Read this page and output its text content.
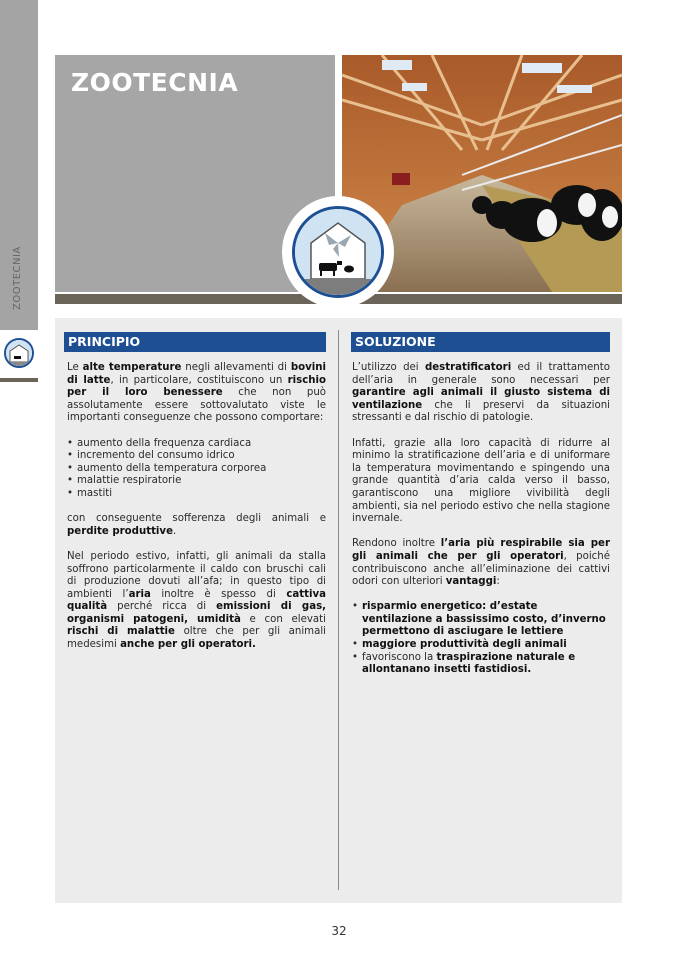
ZOOTECNIA
ZOOTECNIA
PRINCIPIO	SOLUZIONE

Le alte temperature negli allevamenti di bovini di latte, in particolare, costituiscono un rischio per il loro benessere che non può assolutamente essere sottovalutato viste le importanti conseguenze che possono comportare:

• aumento della frequenza cardiaca
• incremento del consumo idrico
• aumento della temperatura corporea
• malattie respiratorie
• mastiti

con conseguente sofferenza degli animali e perdite produttive.

Nel periodo estivo, infatti, gli animali da stalla soffrono particolarmente il caldo con bruschi cali di produzione dovuti all’afa; in questo tipo di ambienti l’aria inoltre è spesso di cattiva qualità perché ricca di emissioni di gas, organismi patogeni, umidità e con elevati rischi di malattie oltre che per gli animali medesimi anche per gli operatori.

L’utilizzo dei destratificatori ed il trattamento dell’aria in generale sono necessari per garantire agli animali il giusto sistema di ventilazione che li preservi da situazioni stressanti e dal rischio di patologie.

Infatti, grazie alla loro capacità di ridurre al minimo la stratificazione dell’aria e di uniformare la temperatura movimentando e spingendo una grande quantità d’aria calda verso il basso, garantiscono una migliore vivibilità degli ambienti, sia nel periodo estivo che nella stagione invernale.

Rendono inoltre l’aria più respirabile sia per gli animali che per gli operatori, poiché contribuiscono anche all’eliminazione dei cattivi odori con ulteriori vantaggi:

• risparmio energetico: d’estate ventilazione a bassissimo costo, d’inverno permettono di asciugare le lettiere
• maggiore produttività degli animali
• favoriscono la traspirazione naturale e allontanano insetti fastidiosi.
32
